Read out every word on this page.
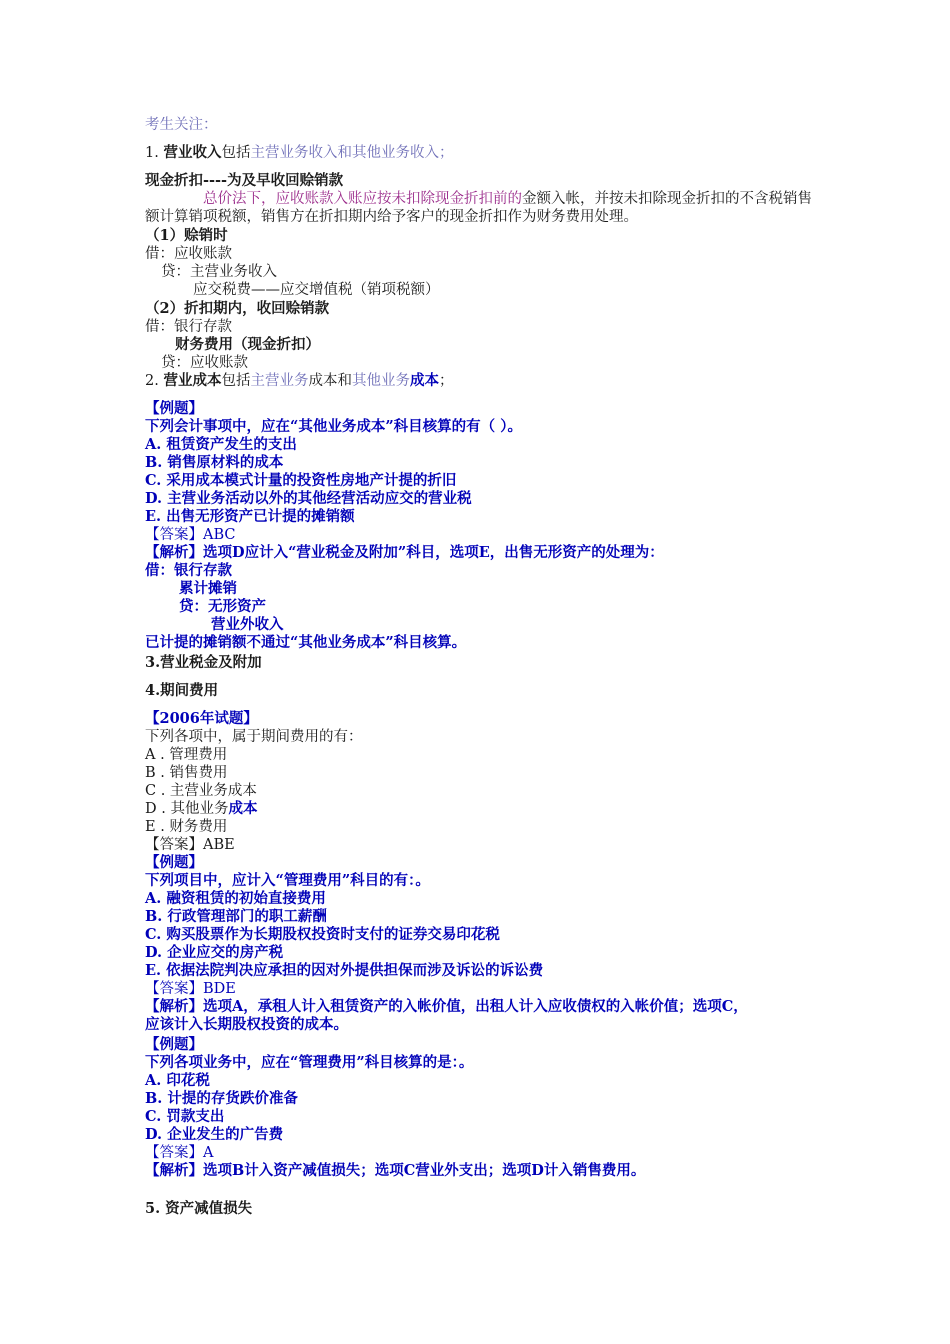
考生关注：
1. 营业收入包括主营业务收入和其他业务收入；
现金折扣----为及早收回赊销款
总价法下，应收账款入账应按未扣除现金折扣前的金额入帐，并按未扣除现金折扣的不含税销售额计算销项税额，销售方在折扣期内给予客户的现金折扣作为财务费用处理。
（1）赊销时
借：应收账款
贷：主营业务收入
应交税费——应交增值税（销项税额）
（2）折扣期内，收回赊销款
借：银行存款
财务费用（现金折扣）
贷：应收账款
2. 营业成本包括主营业务成本和其他业务成本；
【例题】
下列会计事项中，应在“其他业务成本”科目核算的有（ ）。
A. 租赁资产发生的支出
B. 销售原材料的成本
C. 采用成本模式计量的投资性房地产计提的折旧
D. 主营业务活动以外的其他经营活动应交的营业税
E. 出售无形资产已计提的摊销额
【答案】ABC
【解析】选项D应计入“营业税金及附加”科目，选项E，出售无形资产的处理为：
借：银行存款
累计摊销
贷：无形资产
营业外收入
已计提的摊销额不通过“其他业务成本”科目核算。
3.营业税金及附加
4.期间费用
【2006年试题】
下列各项中，属于期间费用的有：
A . 管理费用
B . 销售费用
C . 主营业务成本
D . 其他业务成本
E . 财务费用
【答案】ABE
【例题】
下列项目中，应计入“管理费用”科目的有：。
A. 融资租赁的初始直接费用
B. 行政管理部门的职工薪酬
C. 购买股票作为长期股权投资时支付的证券交易印花税
D. 企业应交的房产税
E. 依据法院判决应承担的因对外提供担保而涉及诉讼的诉讼费
【答案】BDE
【解析】选项A，承租人计入租赁资产的入帐价值，出租人计入应收债权的入帐价值；选项C，
应该计入长期股权投资的成本。
【例题】
下列各项业务中，应在“管理费用”科目核算的是：。
A. 印花税
B. 计提的存货跌价准备
C. 罚款支出
D. 企业发生的广告费
【答案】A
【解析】选项B计入资产减值损失；选项C营业外支出；选项D计入销售费用。
5. 资产减值损失
